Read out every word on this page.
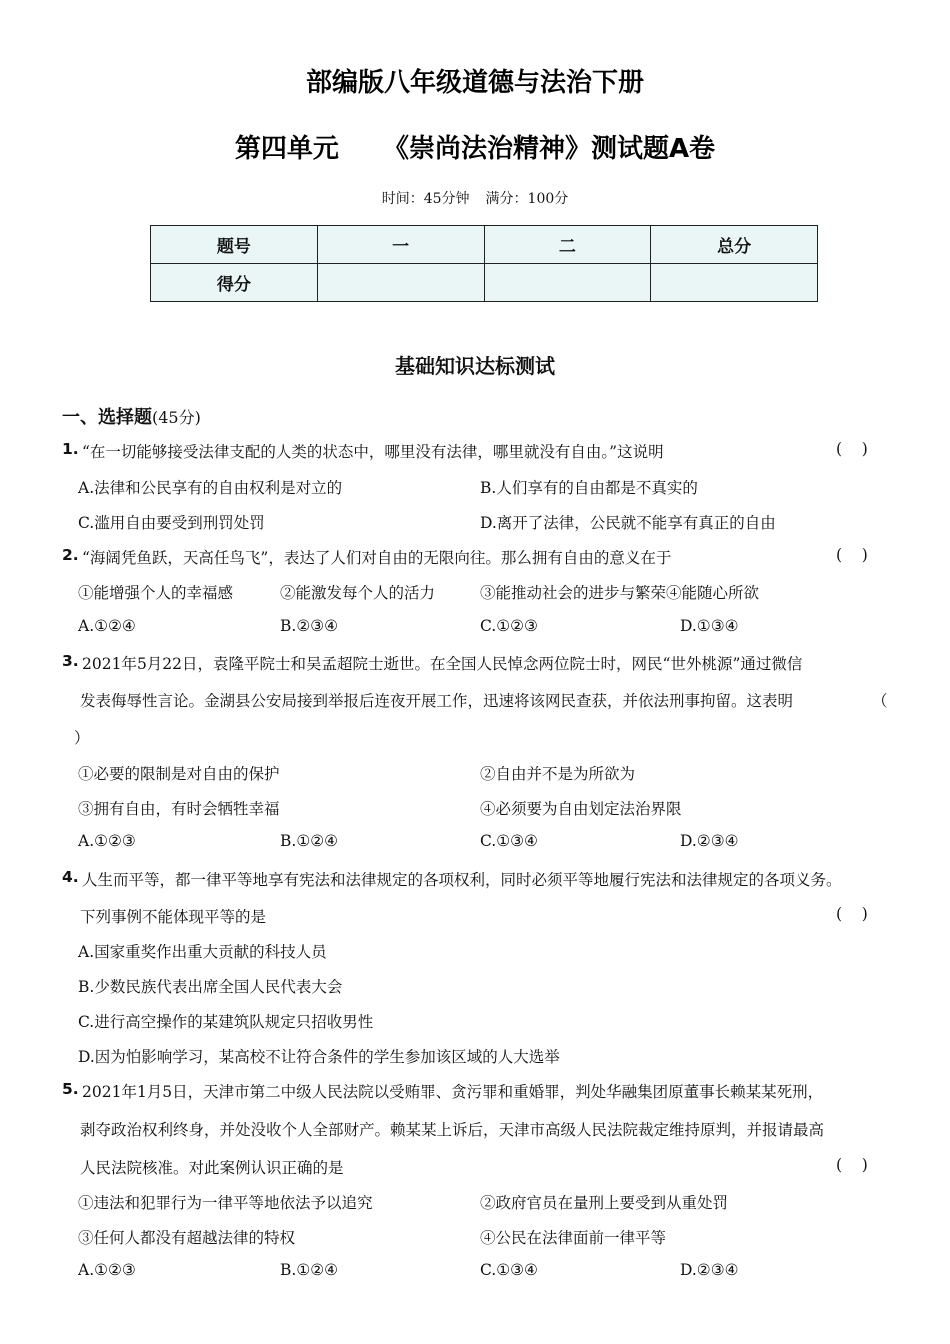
部编版八年级道德与法治下册
第四单元 《崇尚法治精神》测试题A卷
时间：45分钟 满分：100分
题号	一	二	总分
得分			
基础知识达标测试
一、选择题(45分)
1. “在一切能够接受法律支配的人类的状态中，哪里没有法律，哪里就没有自由。”这说明	(    )
A.法律和公民享有的自由权利是对立的	B.人们享有的自由都是不真实的
C.滥用自由要受到刑罚处罚	D.离开了法律，公民就不能享有真正的自由
2. “海阔凭鱼跃，天高任鸟飞”，表达了人们对自由的无限向往。那么拥有自由的意义在于	(    )
①能增强个人的幸福感	②能激发每个人的活力	③能推动社会的进步与繁荣④能随心所欲
A.①②④	B.②③④	C.①②③	D.①③④
3. 2021年5月22日，袁隆平院士和吴孟超院士逝世。在全国人民悼念两位院士时，网民“世外桃源”通过微信
发表侮辱性言论。金湖县公安局接到举报后连夜开展工作，迅速将该网民查获，并依法刑事拘留。这表明	（
）
①必要的限制是对自由的保护	②自由并不是为所欲为
③拥有自由，有时会牺牲幸福	④必须要为自由划定法治界限
A.①②③	B.①②④	C.①③④	D.②③④
4. 人生而平等，都一律平等地享有宪法和法律规定的各项权利，同时必须平等地履行宪法和法律规定的各项义务。
下列事例不能体现平等的是	(    )
A.国家重奖作出重大贡献的科技人员
B.少数民族代表出席全国人民代表大会
C.进行高空操作的某建筑队规定只招收男性
D.因为怕影响学习，某高校不让符合条件的学生参加该区域的人大选举
5. 2021年1月5日，天津市第二中级人民法院以受贿罪、贪污罪和重婚罪，判处华融集团原董事长赖某某死刑，
剥夺政治权利终身，并处没收个人全部财产。赖某某上诉后，天津市高级人民法院裁定维持原判，并报请最高
人民法院核准。对此案例认识正确的是	(    )
①违法和犯罪行为一律平等地依法予以追究	②政府官员在量刑上要受到从重处罚
③任何人都没有超越法律的特权	④公民在法律面前一律平等
A.①②③	B.①②④	C.①③④	D.②③④
